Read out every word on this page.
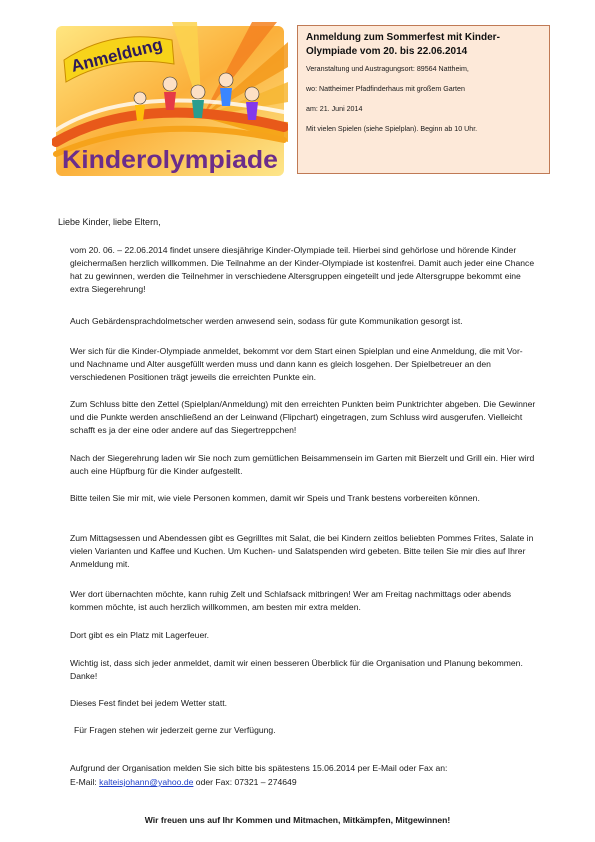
Anmeldung
Kinderolympiade
Anmeldung zum Sommerfest mit Kinder-Olympiade vom 20. bis 22.06.2014
Veranstaltung und Austragungsort: 89564 Nattheim,
wo: Nattheimer Pfadfinderhaus mit großem Garten
am: 21. Juni 2014
Mit vielen Spielen (siehe Spielplan). Beginn ab 10 Uhr.
Liebe Kinder, liebe Eltern,
vom 20. 06. – 22.06.2014 findet unsere diesjährige Kinder-Olympiade teil. Hierbei sind gehörlose und hörende Kinder gleichermaßen herzlich willkommen. Die Teilnahme an der Kinder-Olympiade ist kostenfrei. Damit auch jeder eine Chance hat zu gewinnen, werden die Teilnehmer in verschiedene Altersgruppen eingeteilt und jede Altersgruppe bekommt eine extra Siegerehrung!
Auch Gebärdensprachdolmetscher werden anwesend sein, sodass für gute Kommunikation gesorgt ist.
Wer sich für die Kinder-Olympiade anmeldet, bekommt vor dem Start einen Spielplan und eine Anmeldung, die mit Vor- und Nachname und Alter ausgefüllt werden muss und dann kann es gleich losgehen. Der Spielbetreuer an den verschiedenen Positionen trägt jeweils die erreichten Punkte ein.
Zum Schluss bitte den Zettel (Spielplan/Anmeldung) mit den erreichten Punkten beim Punktrichter abgeben. Die Gewinner und die Punkte werden anschließend an der Leinwand (Flipchart) eingetragen, zum Schluss wird ausgerufen. Vielleicht schafft es ja der eine oder andere auf das Siegertreppchen!
Nach der Siegerehrung laden wir Sie noch zum gemütlichen Beisammensein im Garten mit Bierzelt und Grill ein. Hier wird auch eine Hüpfburg für die Kinder aufgestellt.
Bitte teilen Sie mir mit, wie viele Personen kommen, damit wir Speis und Trank bestens vorbereiten können.
Zum Mittagsessen und Abendessen gibt es Gegrilltes mit Salat, die bei Kindern zeitlos beliebten Pommes Frites, Salate in vielen Varianten und Kaffee und Kuchen. Um Kuchen- und Salatspenden wird gebeten. Bitte teilen Sie mir dies auf Ihrer Anmeldung mit.
Wer dort übernachten möchte, kann ruhig Zelt und Schlafsack mitbringen! Wer am Freitag nachmittags oder abends kommen möchte, ist auch herzlich willkommen, am besten mir extra melden.
Dort gibt es ein Platz mit Lagerfeuer.
Wichtig ist, dass sich jeder anmeldet, damit wir einen besseren Überblick für die Organisation und Planung bekommen. Danke!
Dieses Fest findet bei jedem Wetter statt.
Für Fragen stehen wir jederzeit gerne zur Verfügung.
Aufgrund der Organisation melden Sie sich bitte bis spätestens 15.06.2014 per E-Mail oder Fax an:
E-Mail: kalteisjohann@yahoo.de oder Fax: 07321 – 274649
Wir freuen uns auf Ihr Kommen und Mitmachen, Mitkämpfen, Mitgewinnen!
